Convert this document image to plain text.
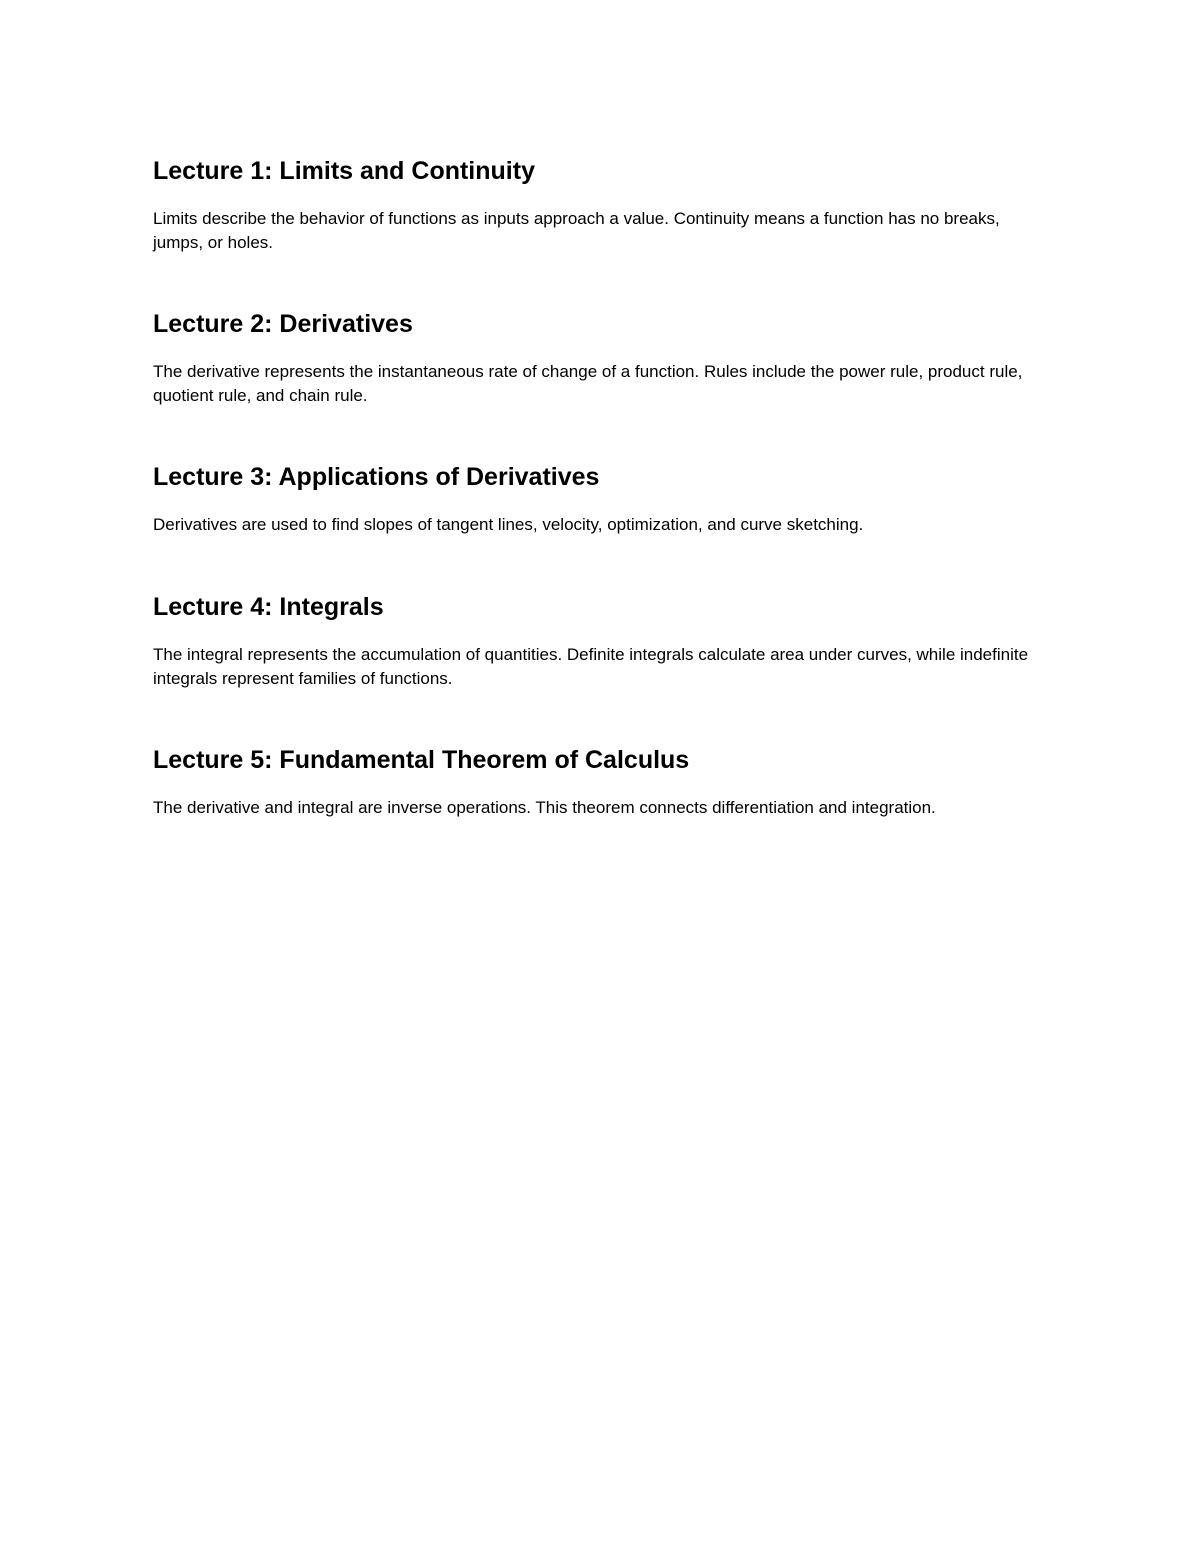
Lecture 1: Limits and Continuity

Limits describe the behavior of functions as inputs approach a value. Continuity means a function has no breaks, jumps, or holes.

Lecture 2: Derivatives

The derivative represents the instantaneous rate of change of a function. Rules include the power rule, product rule, quotient rule, and chain rule.

Lecture 3: Applications of Derivatives

Derivatives are used to find slopes of tangent lines, velocity, optimization, and curve sketching.

Lecture 4: Integrals

The integral represents the accumulation of quantities. Definite integrals calculate area under curves, while indefinite integrals represent families of functions.

Lecture 5: Fundamental Theorem of Calculus

The derivative and integral are inverse operations. This theorem connects differentiation and integration.
